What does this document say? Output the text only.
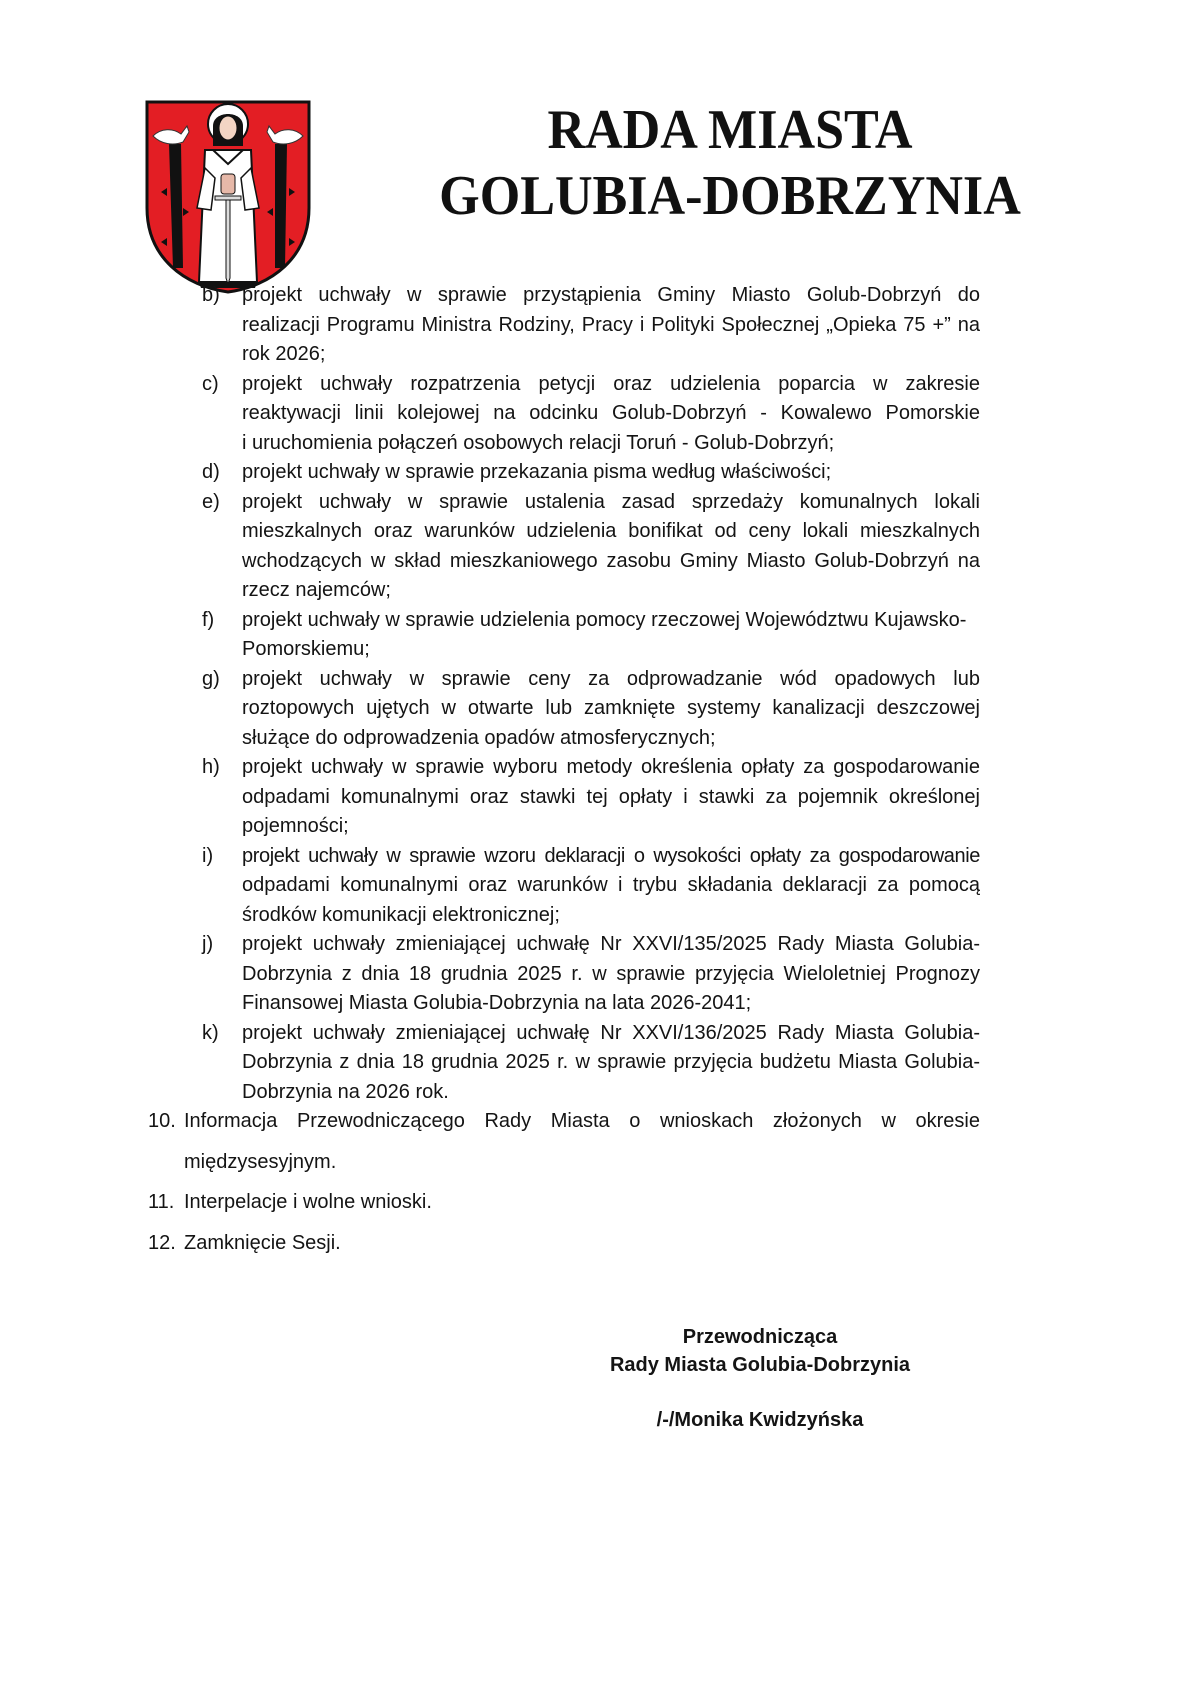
RADA MIASTA
GOLUBIA-DOBRZYNIA
b) projekt uchwały w sprawie przystąpienia Gminy Miasto Golub-Dobrzyń do
realizacji Programu Ministra Rodziny, Pracy i Polityki Społecznej „Opieka 75 +” na
rok 2026;
c) projekt uchwały rozpatrzenia petycji oraz udzielenia poparcia w zakresie
reaktywacji linii kolejowej na odcinku Golub-Dobrzyń - Kowalewo Pomorskie
i uruchomienia połączeń osobowych relacji Toruń - Golub-Dobrzyń;
d) projekt uchwały w sprawie przekazania pisma według właściwości;
e) projekt uchwały w sprawie ustalenia zasad sprzedaży komunalnych lokali
mieszkalnych oraz warunków udzielenia bonifikat od ceny lokali mieszkalnych
wchodzących w skład mieszkaniowego zasobu Gminy Miasto Golub-Dobrzyń na
rzecz najemców;
f) projekt uchwały w sprawie udzielenia pomocy rzeczowej Województwu Kujawsko-
Pomorskiemu;
g) projekt uchwały w sprawie ceny za odprowadzanie wód opadowych lub
roztopowych ujętych w otwarte lub zamknięte systemy kanalizacji deszczowej
służące do odprowadzenia opadów atmosferycznych;
h) projekt uchwały w sprawie wyboru metody określenia opłaty za gospodarowanie
odpadami komunalnymi oraz stawki tej opłaty i stawki za pojemnik określonej
pojemności;
i) projekt uchwały w sprawie wzoru deklaracji o wysokości opłaty za gospodarowanie
odpadami komunalnymi oraz warunków i trybu składania deklaracji za pomocą
środków komunikacji elektronicznej;
j) projekt uchwały zmieniającej uchwałę Nr XXVI/135/2025 Rady Miasta Golubia-
Dobrzynia z dnia 18 grudnia 2025 r. w sprawie przyjęcia Wieloletniej Prognozy
Finansowej Miasta Golubia-Dobrzynia na lata 2026-2041;
k) projekt uchwały zmieniającej uchwałę Nr XXVI/136/2025 Rady Miasta Golubia-
Dobrzynia z dnia 18 grudnia 2025 r. w sprawie przyjęcia budżetu Miasta Golubia-
Dobrzynia na 2026 rok.
10. Informacja Przewodniczącego Rady Miasta o wnioskach złożonych w okresie
międzysesyjnym.
11. Interpelacje i wolne wnioski.
12. Zamknięcie Sesji.
Przewodnicząca
Rady Miasta Golubia-Dobrzynia
/-/Monika Kwidzyńska
